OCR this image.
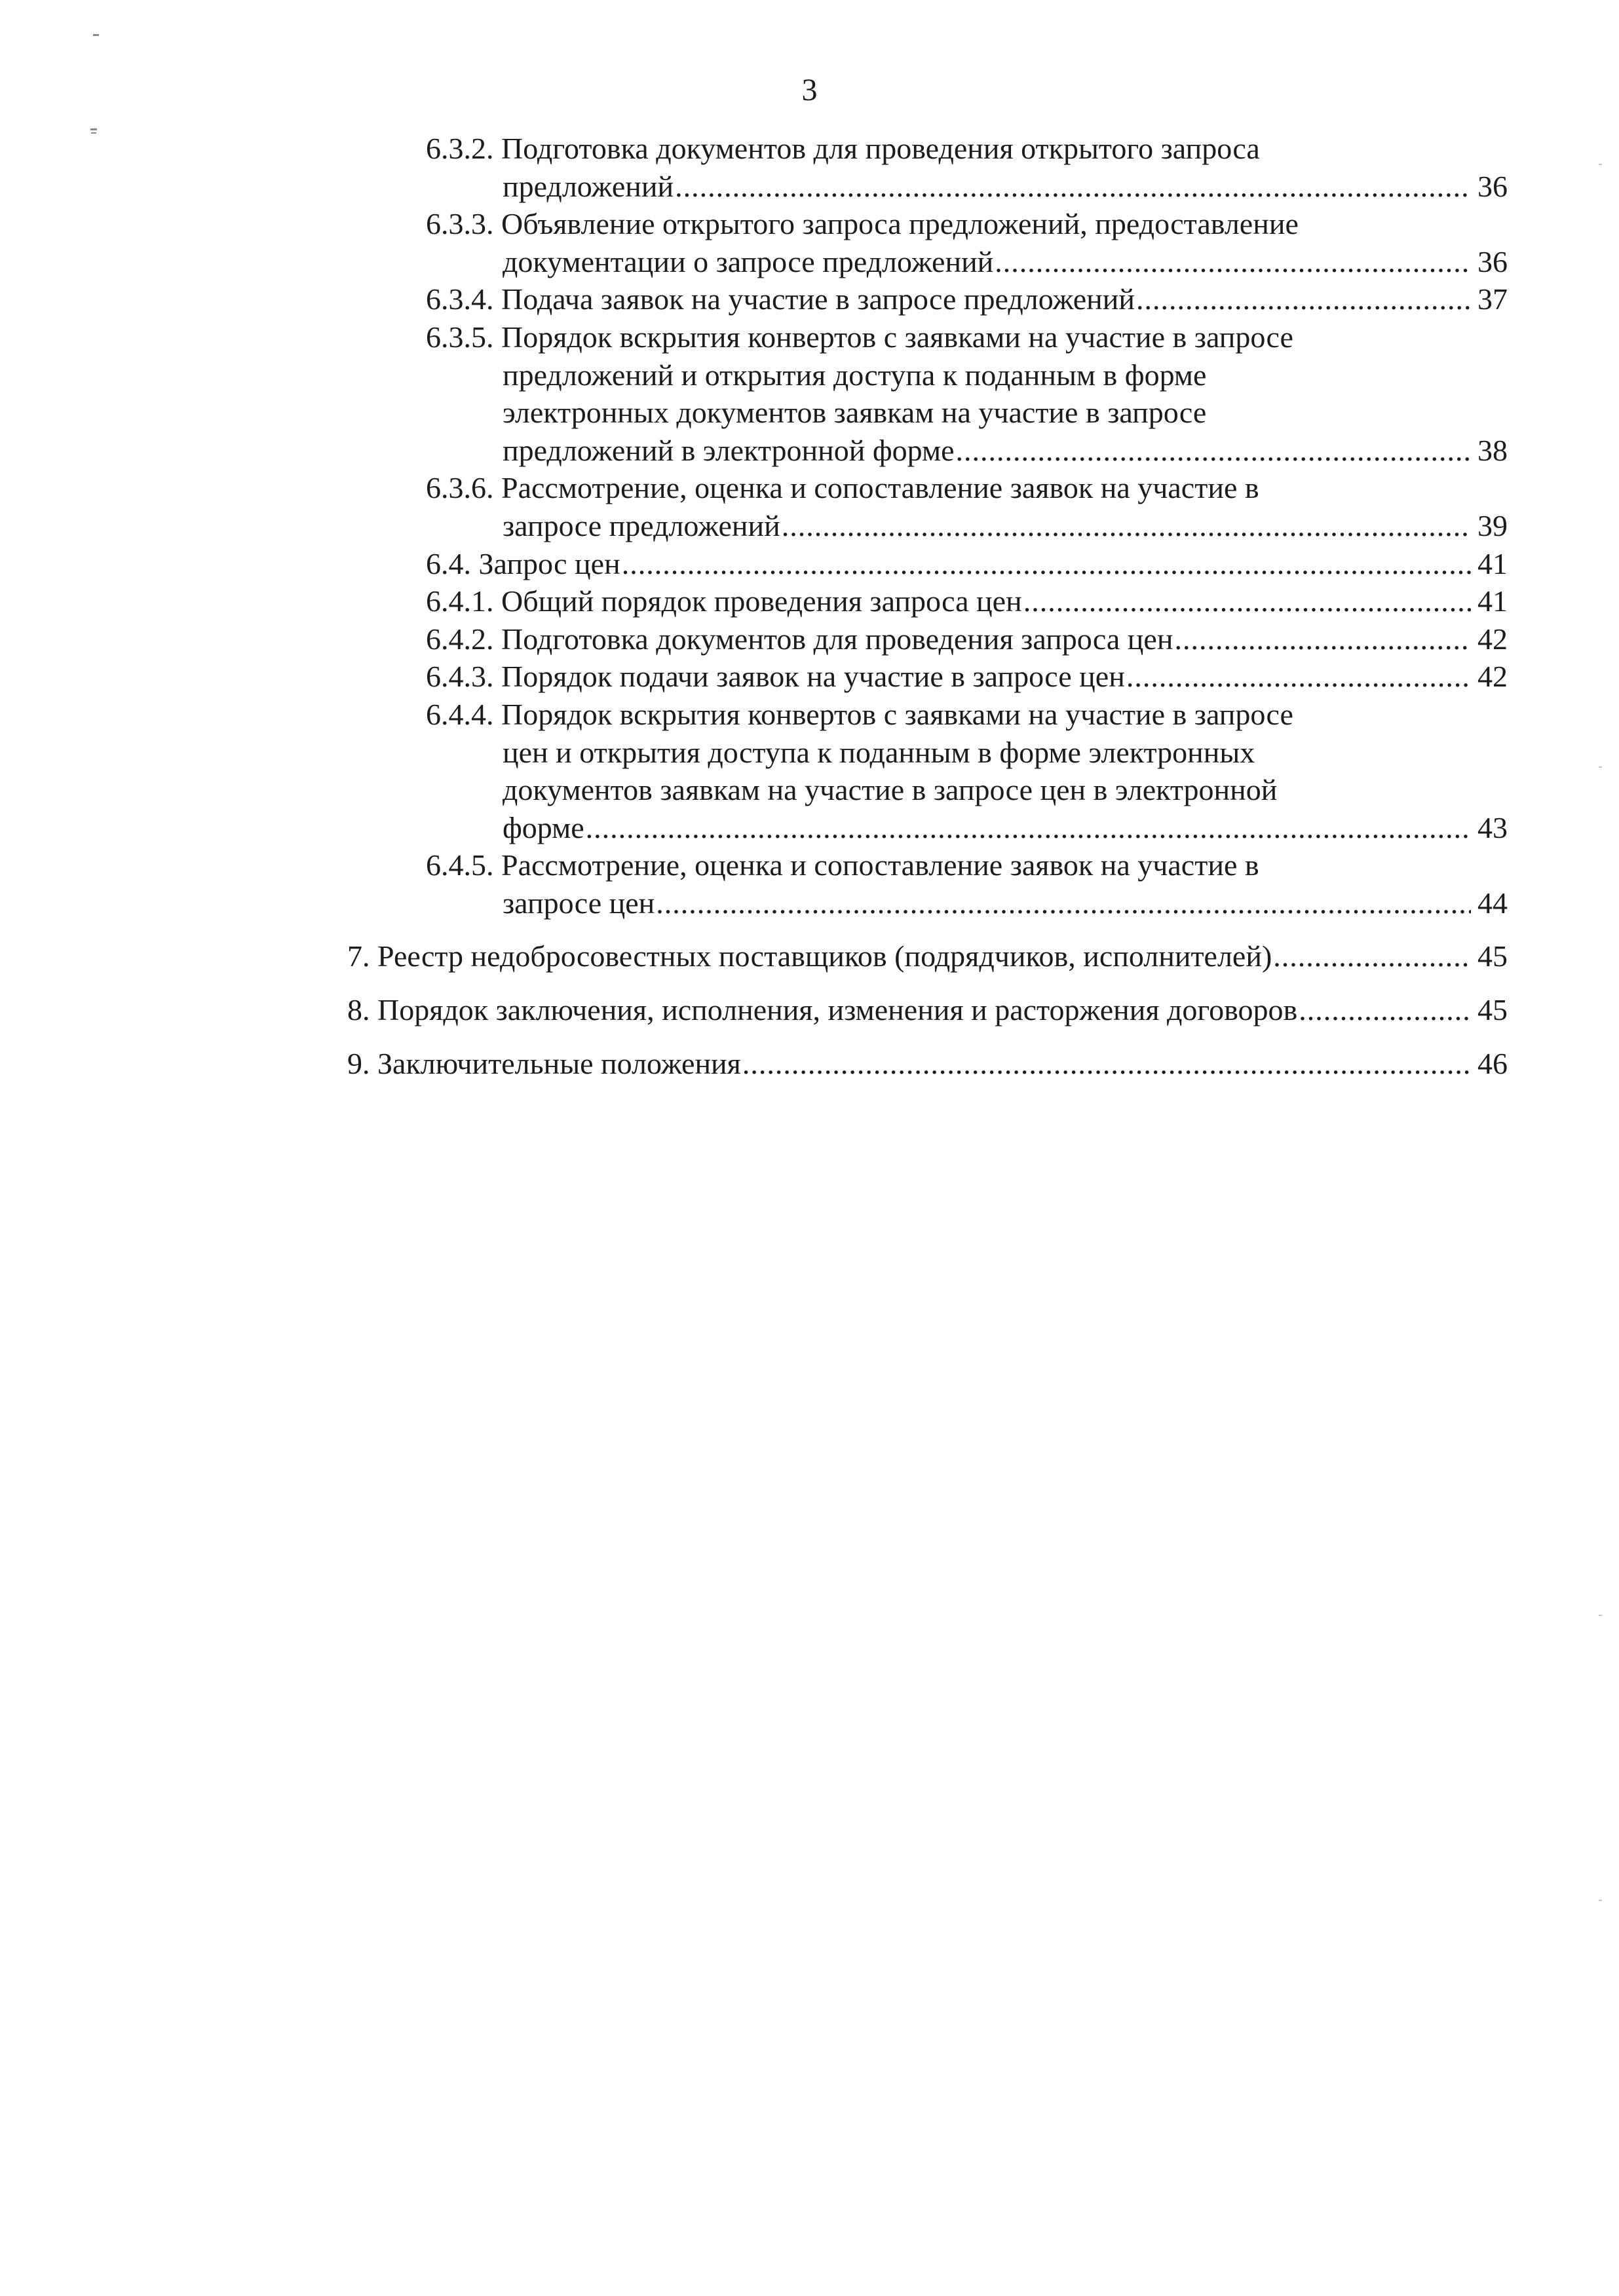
3
6.3.2. Подготовка документов для проведения открытого запроса
предложений .....	36
6.3.3. Объявление открытого запроса предложений, предоставление
документации о запросе предложений .....	36
6.3.4. Подача заявок на участие в запросе предложений .....	37
6.3.5. Порядок вскрытия конвертов с заявками на участие в запросе
предложений и открытия доступа к поданным в форме
электронных документов заявкам на участие в запросе
предложений в электронной форме .....	38
6.3.6. Рассмотрение, оценка и сопоставление заявок на участие в
запросе предложений .....	39
6.4. Запрос цен .....	41
6.4.1. Общий порядок проведения запроса цен .....	41
6.4.2. Подготовка документов для проведения запроса цен .....	42
6.4.3. Порядок подачи заявок на участие в запросе цен .....	42
6.4.4. Порядок вскрытия конвертов с заявками на участие в запросе
цен и открытия доступа к поданным в форме электронных
документов заявкам на участие в запросе цен в электронной
форме .....	43
6.4.5. Рассмотрение, оценка и сопоставление заявок на участие в
запросе цен .....	44
7. Реестр недобросовестных поставщиков (подрядчиков, исполнителей) .....	45
8. Порядок заключения, исполнения, изменения и расторжения договоров .....	45
9. Заключительные положения .....	46
